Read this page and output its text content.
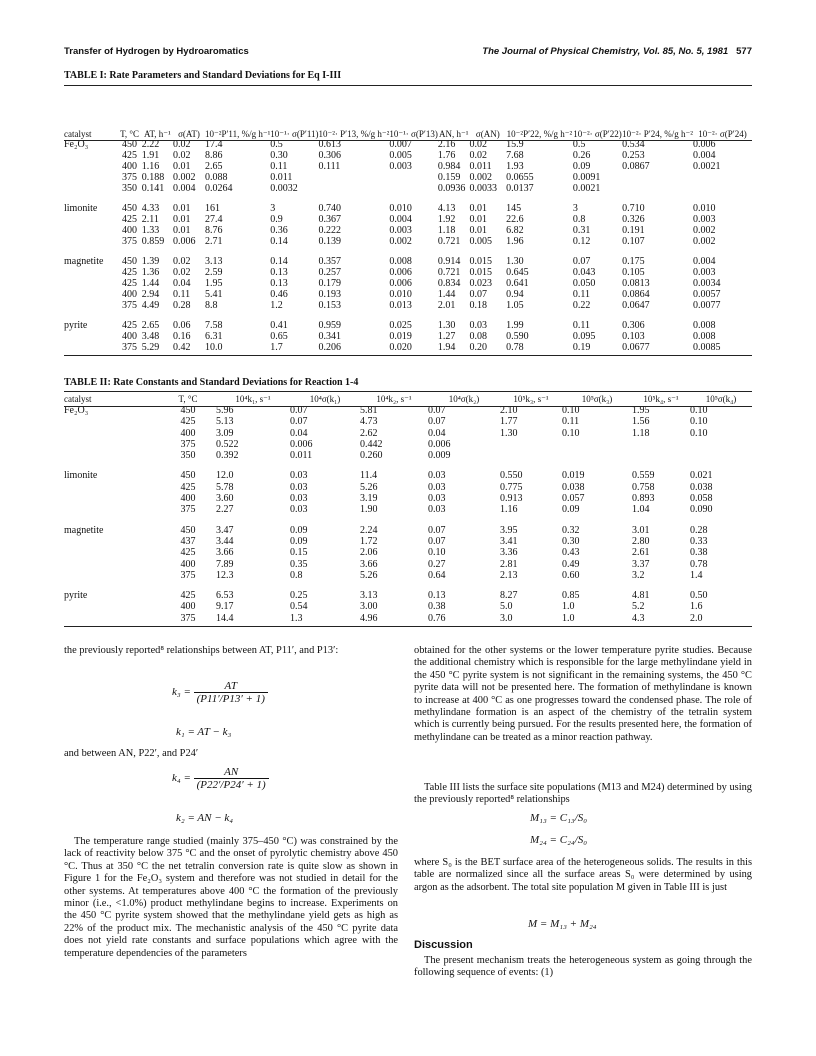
Transfer of Hydrogen by Hydroaromatics	The Journal of Physical Chemistry, Vol. 85, No. 5, 1981 577
TABLE I: Rate Parameters and Standard Deviations for Eq I-III
catalyst	T, °C	AT, h⁻¹	σ(AT)	10⁻²P′11, %/g h⁻¹	10⁻¹· σ(P′11)	10⁻²· P′13, %/g h⁻²	10⁻¹· σ(P′13)	AN, h⁻¹	σ(AN)	10⁻²P′22, %/g h⁻²	10⁻²· σ(P′22)	10⁻²· P′24, %/g h⁻²	10⁻²· σ(P′24)
Fe₂O₃	450	2.22	0.02	17.4	0.5	0.613	0.007	2.16	0.02	15.9	0.5	0.534	0.006
	425	1.91	0.02	8.86	0.30	0.306	0.005	1.76	0.02	7.68	0.26	0.253	0.004
	400	1.16	0.01	2.65	0.11	0.111	0.003	0.984	0.011	1.93	0.09	0.0867	0.0021
	375	0.188	0.002	0.088	0.011			0.159	0.002	0.0655	0.0091		
	350	0.141	0.004	0.0264	0.0032			0.0936	0.0033	0.0137	0.0021		

limonite	450	4.33	0.01	161	3	0.740	0.010	4.13	0.01	145	3	0.710	0.010
	425	2.11	0.01	27.4	0.9	0.367	0.004	1.92	0.01	22.6	0.8	0.326	0.003
	400	1.33	0.01	8.76	0.36	0.222	0.003	1.18	0.01	6.82	0.31	0.191	0.002
	375	0.859	0.006	2.71	0.14	0.139	0.002	0.721	0.005	1.96	0.12	0.107	0.002

magnetite	450	1.39	0.02	3.13	0.14	0.357	0.008	0.914	0.015	1.30	0.07	0.175	0.004
	425	1.36	0.02	2.59	0.13	0.257	0.006	0.721	0.015	0.645	0.043	0.105	0.003
	425	1.44	0.04	1.95	0.13	0.179	0.006	0.834	0.023	0.641	0.050	0.0813	0.0034
	400	2.94	0.11	5.41	0.46	0.193	0.010	1.44	0.07	0.94	0.11	0.0864	0.0057
	375	4.49	0.28	8.8	1.2	0.153	0.013	2.01	0.18	1.05	0.22	0.0647	0.0077

pyrite	425	2.65	0.06	7.58	0.41	0.959	0.025	1.30	0.03	1.99	0.11	0.306	0.008
	400	3.48	0.16	6.31	0.65	0.341	0.019	1.27	0.08	0.590	0.095	0.103	0.008
	375	5.29	0.42	10.0	1.7	0.206	0.020	1.94	0.20	0.78	0.19	0.0677	0.0085
TABLE II: Rate Constants and Standard Deviations for Reaction 1-4
catalyst	T, °C	10⁴k₁, s⁻¹	10⁴σ(k₁)	10⁴k₂, s⁻¹	10⁴σ(k₂)	10⁵k₃, s⁻¹	10⁵σ(k₃)	10⁵k₄, s⁻¹	10⁵σ(k₄)
Fe₂O₃	450	5.96	0.07	5.81	0.07	2.10	0.10	1.95	0.10
	425	5.13	0.07	4.73	0.07	1.77	0.11	1.56	0.10
	400	3.09	0.04	2.62	0.04	1.30	0.10	1.18	0.10
	375	0.522	0.006	0.442	0.006				
	350	0.392	0.011	0.260	0.009				

limonite	450	12.0	0.03	11.4	0.03	0.550	0.019	0.559	0.021
	425	5.78	0.03	5.26	0.03	0.775	0.038	0.758	0.038
	400	3.60	0.03	3.19	0.03	0.913	0.057	0.893	0.058
	375	2.27	0.03	1.90	0.03	1.16	0.09	1.04	0.090

magnetite	450	3.47	0.09	2.24	0.07	3.95	0.32	3.01	0.28
	437	3.44	0.09	1.72	0.07	3.41	0.30	2.80	0.33
	425	3.66	0.15	2.06	0.10	3.36	0.43	2.61	0.38
	400	7.89	0.35	3.66	0.27	2.81	0.49	3.37	0.78
	375	12.3	0.8	5.26	0.64	2.13	0.60	3.2	1.4

pyrite	425	6.53	0.25	3.13	0.13	8.27	0.85	4.81	0.50
	400	9.17	0.54	3.00	0.38	5.0	1.0	5.2	1.6
	375	14.4	1.3	4.96	0.76	3.0	1.0	4.3	2.0

the previously reported⁸ relationships between AT, P11′, and P13′:

$k_3 = \frac{AT}{(P11'/P13' + 1)}$
k₁ = AT − k₃

and between AN, P22′, and P24′

$k_4 = \frac{AN}{(P22'/P24' + 1)}$
k₂ = AN − k₄

The temperature range studied (mainly 375–450 °C) was constrained by the lack of reactivity below 375 °C and the onset of pyrolytic chemistry above 450 °C. Thus at 350 °C the net tetralin conversion rate is quite slow as shown in Figure 1 for the Fe₂O₃ system and therefore was not studied in detail for the other systems. At temperatures above 400 °C the formation of the previously minor (i.e., <1.0%) product methylindane begins to increase. Experiments on the 450 °C pyrite system showed that the methylindane yield gets as high as 22% of the product mix. The mechanistic analysis of the 450 °C pyrite data does not yield rate constants and surface populations which agree with the temperature dependencies of the parameters

obtained for the other systems or the lower temperature pyrite studies. Because the additional chemistry which is responsible for the large methylindane yield in the 450 °C pyrite system is not significant in the remaining systems, the 450 °C pyrite data will not be presented here. The formation of methylindane is known to increase at 400 °C as one progresses toward the condensed phase. The role of methylindane formation is an aspect of the chemistry of the tetralin system which is currently being pursued. For the results presented here, the formation of methylindane can be treated as a minor reaction pathway.

Table III lists the surface site populations (M13 and M24) determined by using the previously reported⁸ relationships

M₁₃ = C₁₃/S₀
M₂₄ = C₂₄/S₀

where S₀ is the BET surface area of the heterogeneous solids. The results in this table are normalized since all the surface areas S₀ were determined by using argon as the adsorbent. The total site population M given in Table III is just

M = M₁₃ + M₂₄
Discussion

The present mechanism treats the heterogeneous system as going through the following sequence of events: (1)
